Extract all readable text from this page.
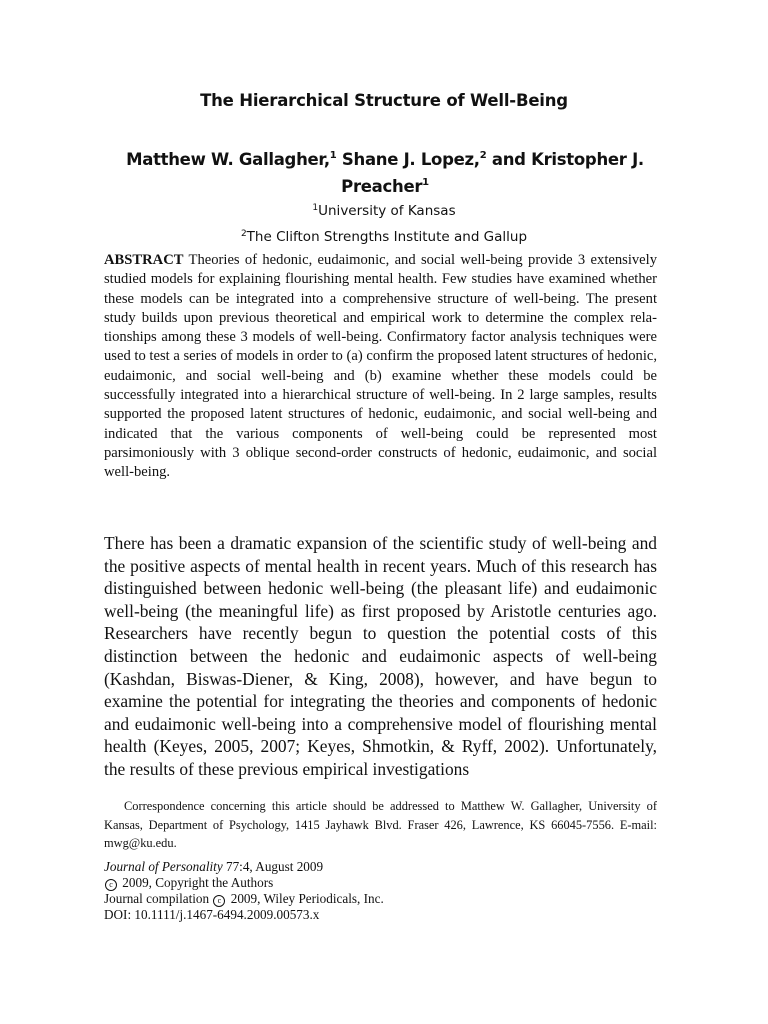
The Hierarchical Structure of Well-Being
Matthew W. Gallagher,$^1$ Shane J. Lopez,$^2$ and Kristopher J. Preacher$^1$
$^1$University of Kansas
$^2$The Clifton Strengths Institute and Gallup
ABSTRACT Theories of hedonic, eudaimonic, and social well-being provide 3 extensively studied models for explaining flourishing mental health. Few studies have examined whether these models can be integrated into a comprehensive structure of well-being. The present study builds upon previous theoretical and empirical work to determine the complex relationships among these 3 models of well-being. Confirmatory factor analysis techniques were used to test a series of models in order to (a) confirm the proposed latent structures of hedonic, eudaimonic, and social well-being and (b) examine whether these models could be successfully integrated into a hierarchical structure of well-being. In 2 large samples, results supported the proposed latent structures of hedonic, eudaimonic, and social well-being and indicated that the various components of well-being could be represented most parsimoniously with 3 oblique second-order constructs of hedonic, eudaimonic, and social well-being.
There has been a dramatic expansion of the scientific study of well-being and the positive aspects of mental health in recent years. Much of this research has distinguished between hedonic well-being (the pleasant life) and eudaimonic well-being (the meaningful life) as first proposed by Aristotle centuries ago. Researchers have recently begun to question the potential costs of this distinction between the hedonic and eudaimonic aspects of well-being (Kashdan, Biswas-Diener, & King, 2008), however, and have begun to examine the potential for integrating the theories and components of hedonic and eudaimonic well-being into a comprehensive model of flourishing mental health (Keyes, 2005, 2007; Keyes, Shmotkin, & Ryff, 2002). Unfortunately, the results of these previous empirical investigations
Correspondence concerning this article should be addressed to Matthew W. Gallagher, University of Kansas, Department of Psychology, 1415 Jayhawk Blvd. Fraser 426, Lawrence, KS 66045-7556. E-mail: mwg@ku.edu.
Journal of Personality 77:4, August 2009
c 2009, Copyright the Authors
Journal compilation c 2009, Wiley Periodicals, Inc.
DOI: 10.1111/j.1467-6494.2009.00573.x
